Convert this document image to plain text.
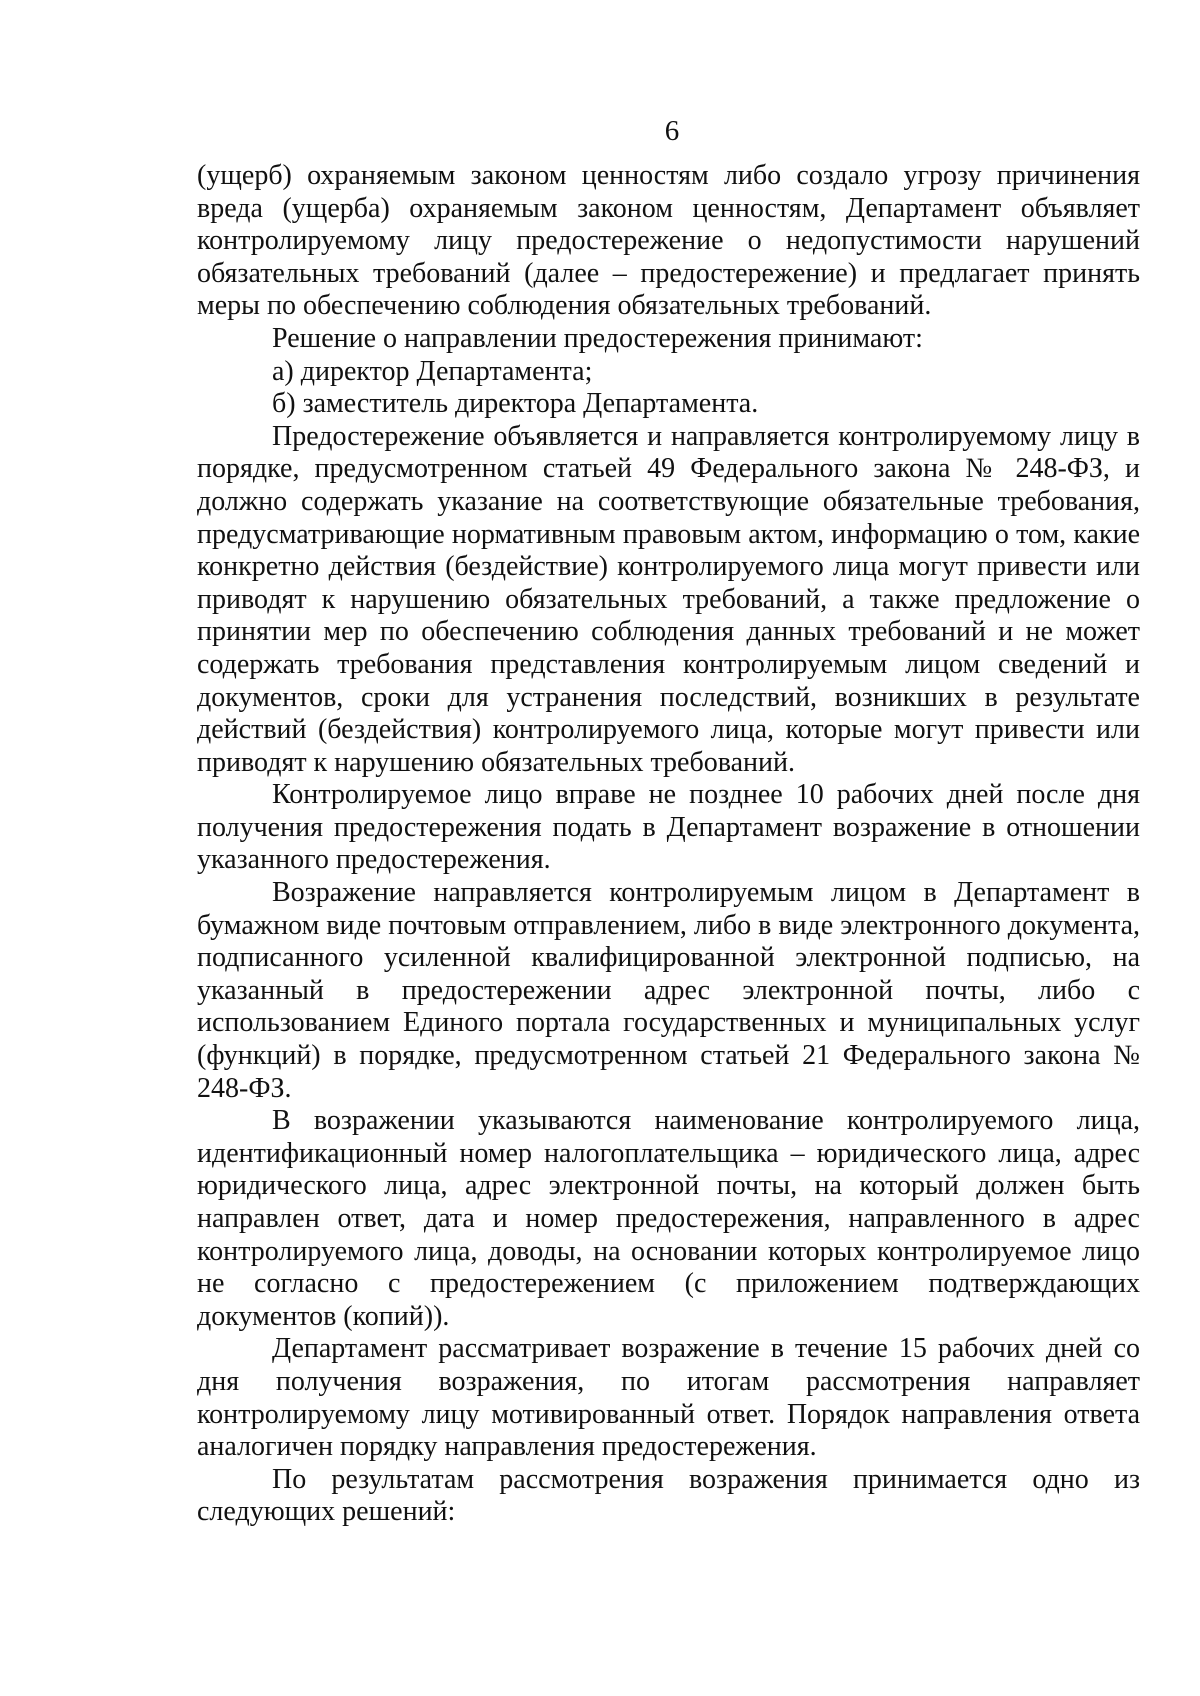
6

(ущерб) охраняемым законом ценностям либо создало угрозу причинения вреда (ущерба) охраняемым законом ценностям, Департамент объявляет контролируемому лицу предостережение о недопустимости нарушений обязательных требований (далее – предостережение) и предлагает принять меры по обеспечению соблюдения обязательных требований.

Решение о направлении предостережения принимают:

а) директор Департамента;

б) заместитель директора Департамента.

Предостережение объявляется и направляется контролируемому лицу в порядке, предусмотренном статьей 49 Федерального закона № 248-ФЗ, и должно содержать указание на соответствующие обязательные требования, предусматривающие нормативным правовым актом, информацию о том, какие конкретно действия (бездействие) контролируемого лица могут привести или приводят к нарушению обязательных требований, а также предложение о принятии мер по обеспечению соблюдения данных требований и не может содержать требования представления контролируемым лицом сведений и документов, сроки для устранения последствий, возникших в результате действий (бездействия) контролируемого лица, которые могут привести или приводят к нарушению обязательных требований.

Контролируемое лицо вправе не позднее 10 рабочих дней после дня получения предостережения подать в Департамент возражение в отношении указанного предостережения.

Возражение направляется контролируемым лицом в Департамент в бумажном виде почтовым отправлением, либо в виде электронного документа, подписанного усиленной квалифицированной электронной подписью, на указанный в предостережении адрес электронной почты, либо с использованием Единого портала государственных и муниципальных услуг (функций) в порядке, предусмотренном статьей 21 Федерального закона № 248-ФЗ.

В возражении указываются наименование контролируемого лица, идентификационный номер налогоплательщика – юридического лица, адрес юридического лица, адрес электронной почты, на который должен быть направлен ответ, дата и номер предостережения, направленного в адрес контролируемого лица, доводы, на основании которых контролируемое лицо не согласно с предостережением (с приложением подтверждающих документов (копий)).

Департамент рассматривает возражение в течение 15 рабочих дней со дня получения возражения, по итогам рассмотрения направляет контролируемому лицу мотивированный ответ. Порядок направления ответа аналогичен порядку направления предостережения.

По результатам рассмотрения возражения принимается одно из следующих решений:
